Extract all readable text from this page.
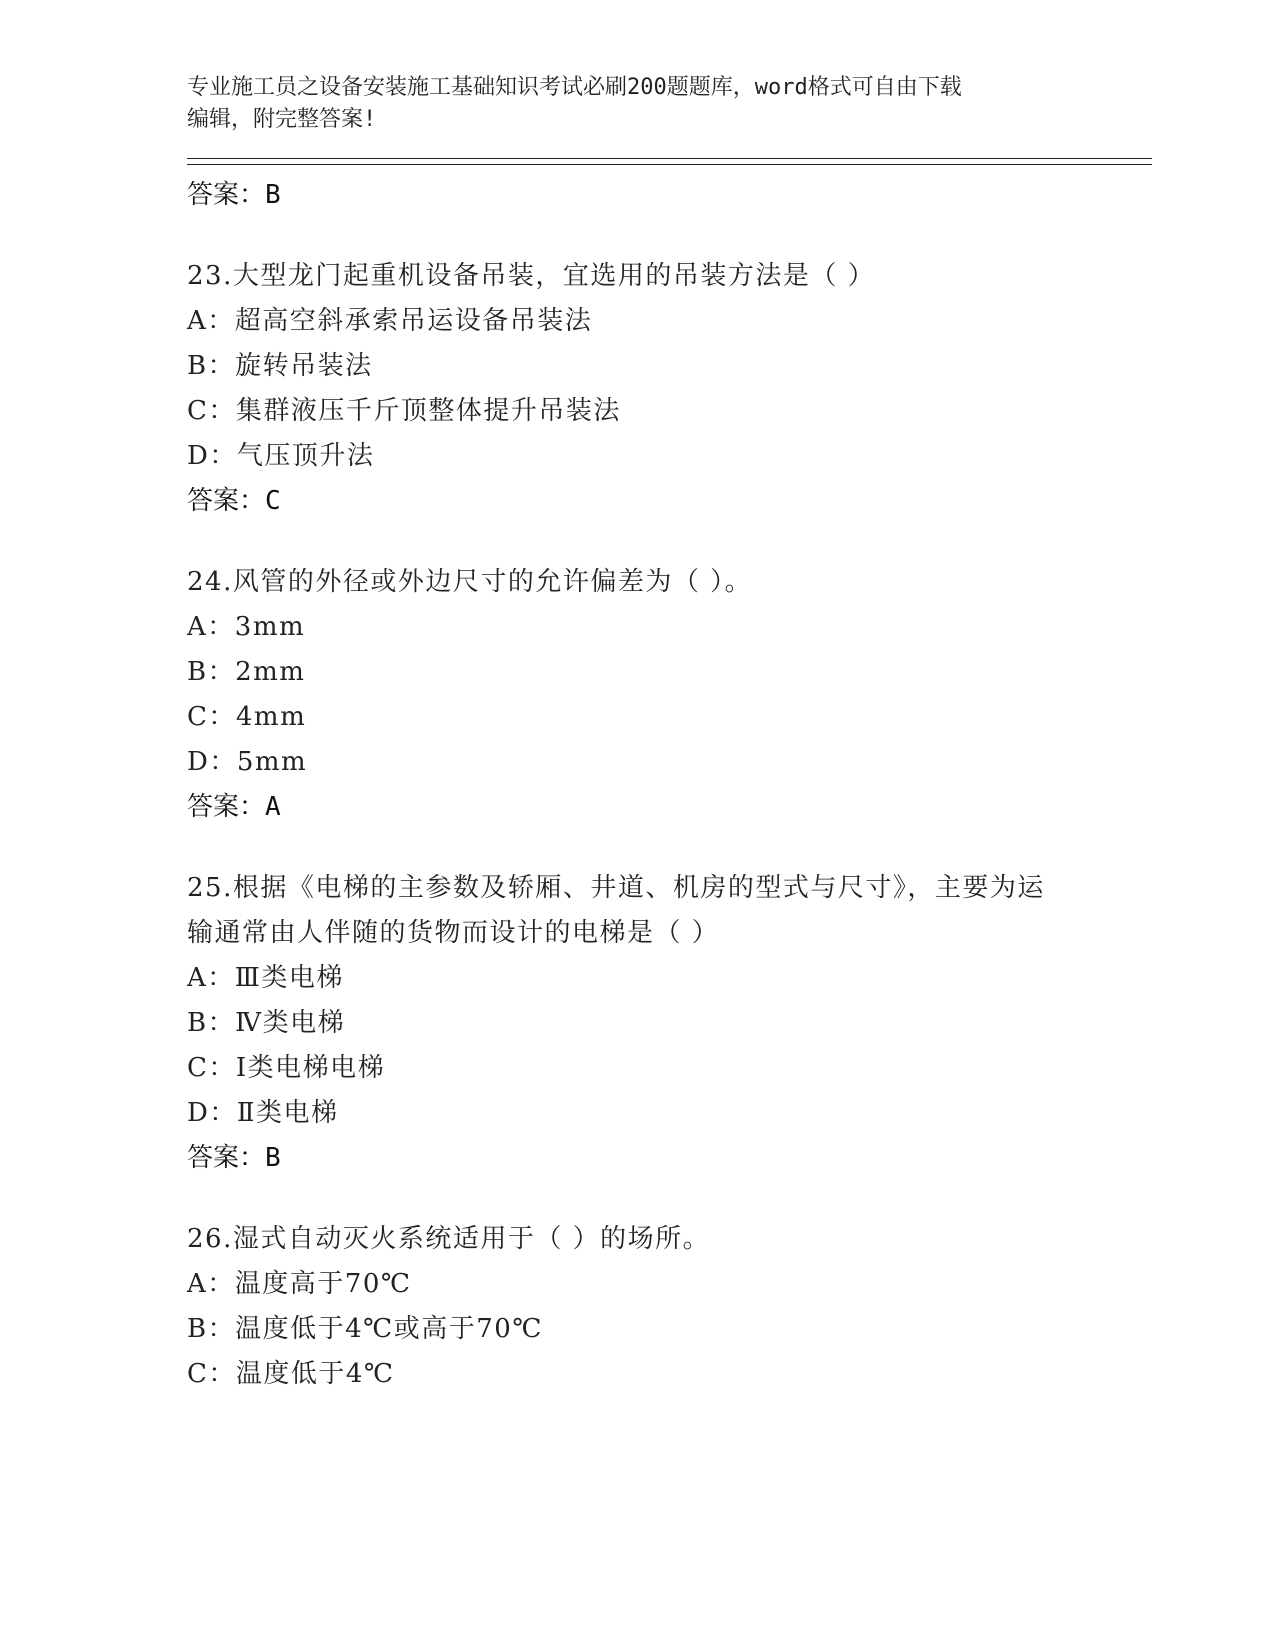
专业施工员之设备安装施工基础知识考试必刷200题题库，word格式可自由下载
编辑，附完整答案!
答案：B
23.大型龙门起重机设备吊装，宜选用的吊装方法是（ ）
A：超高空斜承索吊运设备吊装法
B：旋转吊装法
C：集群液压千斤顶整体提升吊装法
D：气压顶升法
答案：C
24.风管的外径或外边尺寸的允许偏差为（ ）。
A：3mm
B：2mm
C：4mm
D：5mm
答案：A
25.根据《电梯的主参数及轿厢、井道、机房的型式与尺寸》，主要为运输通常由人伴随的货物而设计的电梯是（ ）
A：Ⅲ类电梯
B：Ⅳ类电梯
C：Ⅰ类电梯电梯
D：Ⅱ类电梯
答案：B
26.湿式自动灭火系统适用于（ ）的场所。
A：温度高于70℃
B：温度低于4℃或高于70℃
C：温度低于4℃
